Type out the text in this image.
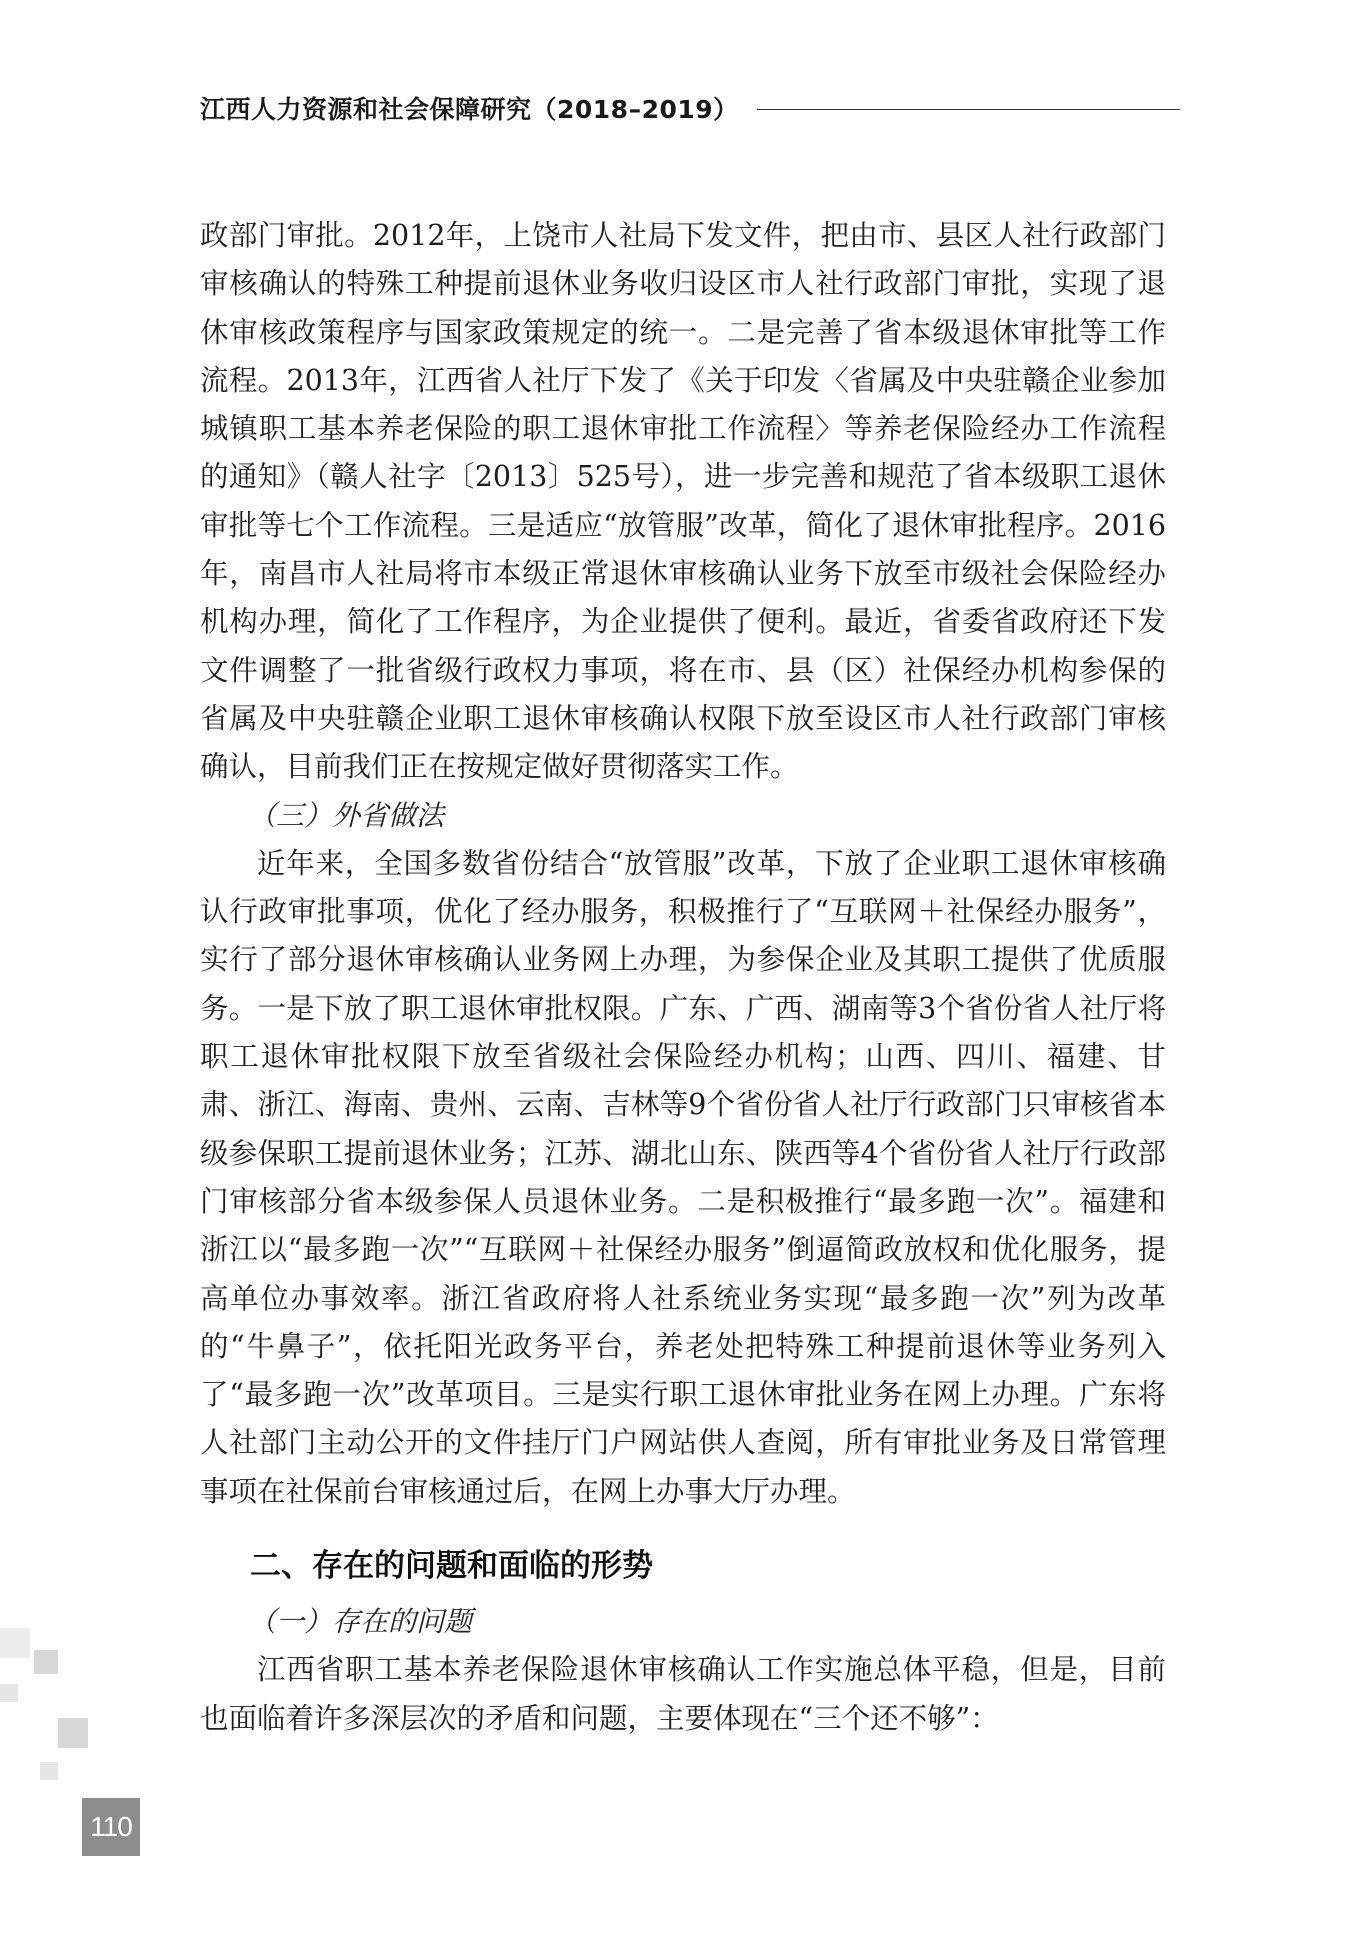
江西人力资源和社会保障研究（2018–2019）

政部门审批。2012年，上饶市人社局下发文件，把由市、县区人社行政部门审核确认的特殊工种提前退休业务收归设区市人社行政部门审批，实现了退休审核政策程序与国家政策规定的统一。二是完善了省本级退休审批等工作流程。2013年，江西省人社厅下发了《关于印发〈省属及中央驻赣企业参加城镇职工基本养老保险的职工退休审批工作流程〉等养老保险经办工作流程的通知》（赣人社字〔2013〕525号），进一步完善和规范了省本级职工退休审批等七个工作流程。三是适应“放管服”改革，简化了退休审批程序。2016年，南昌市人社局将市本级正常退休审核确认业务下放至市级社会保险经办机构办理，简化了工作程序，为企业提供了便利。最近，省委省政府还下发文件调整了一批省级行政权力事项，将在市、县（区）社保经办机构参保的省属及中央驻赣企业职工退休审核确认权限下放至设区市人社行政部门审核确认，目前我们正在按规定做好贯彻落实工作。

（三）外省做法

近年来，全国多数省份结合“放管服”改革，下放了企业职工退休审核确认行政审批事项，优化了经办服务，积极推行了“互联网＋社保经办服务”，实行了部分退休审核确认业务网上办理，为参保企业及其职工提供了优质服务。一是下放了职工退休审批权限。广东、广西、湖南等3个省份省人社厅将职工退休审批权限下放至省级社会保险经办机构；山西、四川、福建、甘肃、浙江、海南、贵州、云南、吉林等9个省份省人社厅行政部门只审核省本级参保职工提前退休业务；江苏、湖北山东、陕西等4个省份省人社厅行政部门审核部分省本级参保人员退休业务。二是积极推行“最多跑一次”。福建和浙江以“最多跑一次”“互联网＋社保经办服务”倒逼简政放权和优化服务，提高单位办事效率。浙江省政府将人社系统业务实现“最多跑一次”列为改革的“牛鼻子”，依托阳光政务平台，养老处把特殊工种提前退休等业务列入了“最多跑一次”改革项目。三是实行职工退休审批业务在网上办理。广东将人社部门主动公开的文件挂厅门户网站供人查阅，所有审批业务及日常管理事项在社保前台审核通过后，在网上办事大厅办理。

二、存在的问题和面临的形势

（一）存在的问题

江西省职工基本养老保险退休审核确认工作实施总体平稳，但是，目前也面临着许多深层次的矛盾和问题，主要体现在“三个还不够”：

110
